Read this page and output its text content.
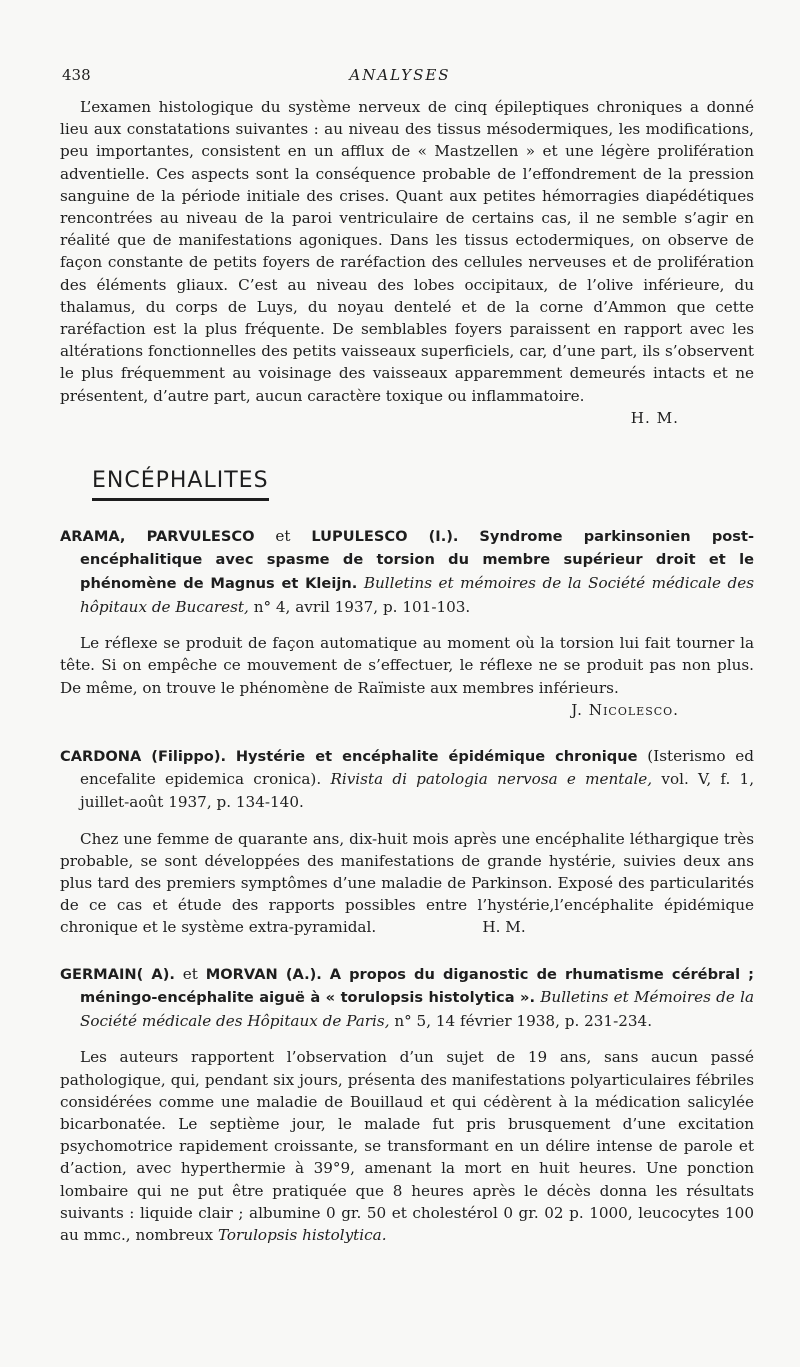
438	ANALYSES

L’examen histologique du système nerveux de cinq épileptiques chroniques a donné lieu aux constatations suivantes : au niveau des tissus mésodermiques, les modifications, peu importantes, consistent en un afflux de « Mastzellen » et une légère prolifération adventielle. Ces aspects sont la conséquence probable de l’effondrement de la pression sanguine de la période initiale des crises. Quant aux petites hémorragies diapédétiques rencontrées au niveau de la paroi ventriculaire de certains cas, il ne semble s’agir en réalité que de manifestations agoniques. Dans les tissus ectodermiques, on observe de façon constante de petits foyers de raréfaction des cellules nerveuses et de prolifération des éléments gliaux. C’est au niveau des lobes occipitaux, de l’olive inférieure, du thalamus, du corps de Luys, du noyau dentelé et de la corne d’Ammon que cette raréfaction est la plus fréquente. De semblables foyers paraissent en rapport avec les altérations fonctionnelles des petits vaisseaux superficiels, car, d’une part, ils s’observent le plus fréquemment au voisinage des vaisseaux apparemment demeurés intacts et ne présentent, d’autre part, aucun caractère toxique ou inflammatoire.

H. M.
ENCÉPHALITES
ARAMA, PARVULESCO et LUPULESCO (I.). Syndrome parkinsonien post-encéphalitique avec spasme de torsion du membre supérieur droit et le phénomène de Magnus et Kleijn. Bulletins et mémoires de la Société médicale des hôpitaux de Bucarest, n° 4, avril 1937, p. 101-103.

Le réflexe se produit de façon automatique au moment où la torsion lui fait tourner la tête. Si on empêche ce mouvement de s’effectuer, le réflexe ne se produit pas non plus. De même, on trouve le phénomène de Raïmiste aux membres inférieurs.

J. Nicolesco.
CARDONA (Filippo). Hystérie et encéphalite épidémique chronique (Isterismo ed encefalite epidemica cronica). Rivista di patologia nervosa e mentale, vol. V, f. 1, juillet-août 1937, p. 134-140.

Chez une femme de quarante ans, dix-huit mois après une encéphalite léthargique très probable, se sont développées des manifestations de grande hystérie, suivies deux ans plus tard des premiers symptômes d’une maladie de Parkinson. Exposé des particularités de ce cas et étude des rapports possibles entre l’hystérie,l’encéphalite épidémique chronique et le système extra-pyramidal.	H. M.

GERMAIN( A). et MORVAN (A.). A propos du diganostic de rhumatisme cérébral ; méningo-encéphalite aiguë à « torulopsis histolytica ». Bulletins et Mémoires de la Société médicale des Hôpitaux de Paris, n° 5, 14 février 1938, p. 231-234.

Les auteurs rapportent l’observation d’un sujet de 19 ans, sans aucun passé pathologique, qui, pendant six jours, présenta des manifestations polyarticulaires fébriles considérées comme une maladie de Bouillaud et qui cédèrent à la médication salicylée bicarbonatée. Le septième jour, le malade fut pris brusquement d’une excitation psychomotrice rapidement croissante, se transformant en un délire intense de parole et d’action, avec hyperthermie à 39°9, amenant la mort en huit heures. Une ponction lombaire qui ne put être pratiquée que 8 heures après le décès donna les résultats suivants : liquide clair ; albumine 0 gr. 50 et cholestérol 0 gr. 02 p. 1000, leucocytes 100 au mmc., nombreux Torulopsis histolytica.
